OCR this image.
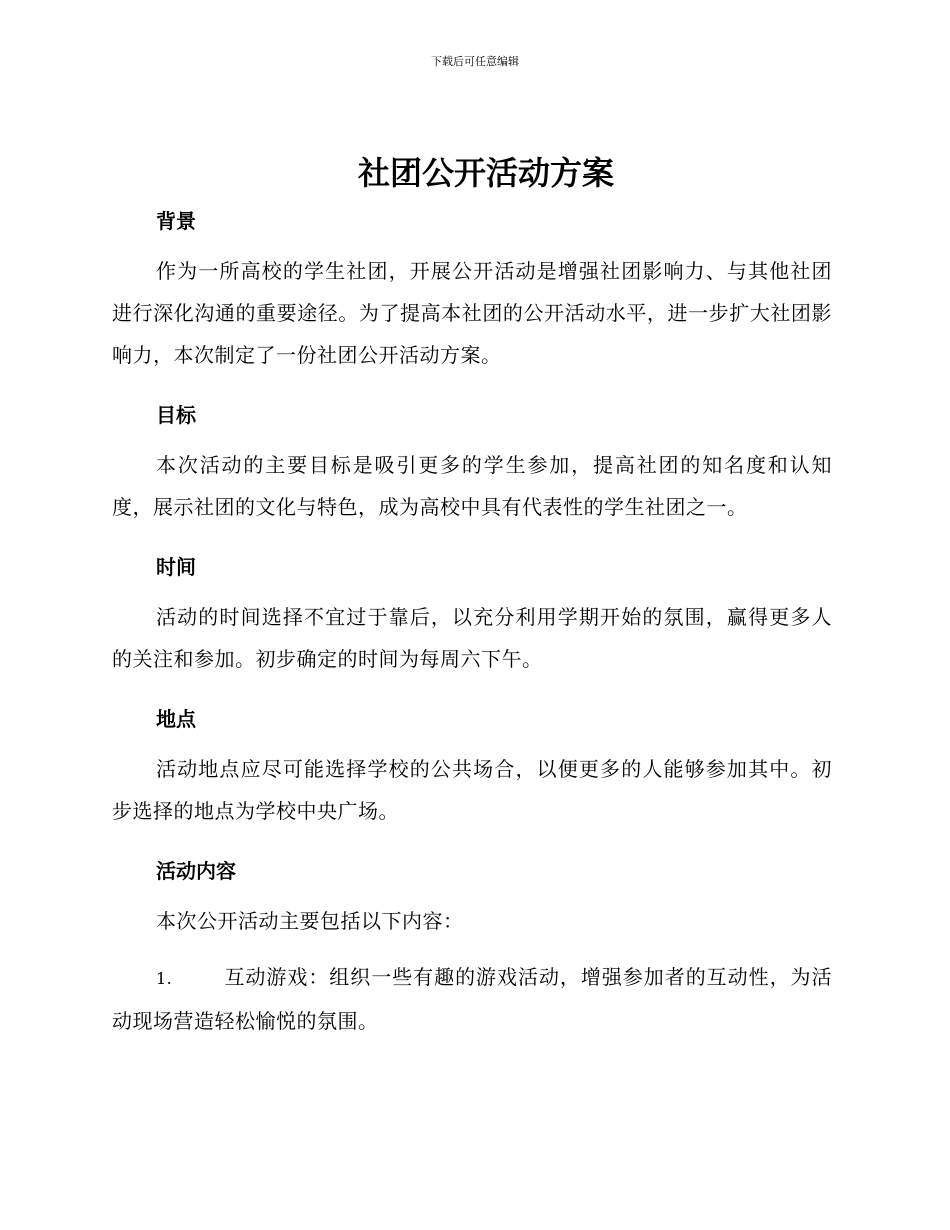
下载后可任意编辑
社团公开活动方案
背景

作为一所高校的学生社团，开展公开活动是增强社团影响力、与其他社团进行深化沟通的重要途径。为了提高本社团的公开活动水平，进一步扩大社团影响力，本次制定了一份社团公开活动方案。

目标

本次活动的主要目标是吸引更多的学生参加，提高社团的知名度和认知度，展示社团的文化与特色，成为高校中具有代表性的学生社团之一。

时间

活动的时间选择不宜过于靠后，以充分利用学期开始的氛围，赢得更多人的关注和参加。初步确定的时间为每周六下午。

地点

活动地点应尽可能选择学校的公共场合，以便更多的人能够参加其中。初步选择的地点为学校中央广场。

活动内容

本次公开活动主要包括以下内容：

1.	互动游戏：组织一些有趣的游戏活动，增强参加者的互动性，为活动现场营造轻松愉悦的氛围。
